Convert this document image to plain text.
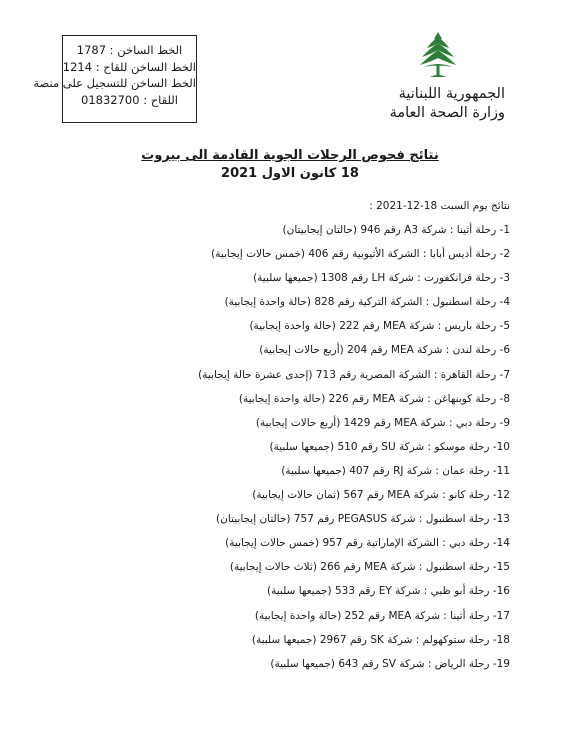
الخط الساخن : 1787
الخط الساخن للقاح : 1214
الخط الساخن للتسجيل على منصة
اللقاح : 01832700	الجمهورية اللبنانية
وزارة الصحة العامة
نتائج فحوص الرحلات الجوية القادمة الى بيروت
18 كانون الاول 2021
نتائج يوم السبت 18-12-2021 :
1- رحلة أثينا : شركة A3 رقم 946 (حالتان إيجابيتان)
2- رحلة أديس أبابا : الشركة الأثيوبية رقم 406 (خمس حالات إيجابية)
3- رحلة فرانكفورت : شركة LH رقم 1308 (جميعها سلبية)
4- رحلة اسطنبول : الشركة التركية رقم 828 (حالة واحدة إيجابية)
5- رحلة باريس : شركة MEA رقم 222 (حالة واحدة إيجابية)
6- رحلة لندن : شركة MEA رقم 204 (أربع حالات إيجابية)
7- رحلة القاهرة : الشركة المصرية رقم 713 (إحدى عشرة حالة إيجابية)
8- رحلة كوبنهاغن : شركة MEA رقم 226 (حالة واحدة إيجابية)
9- رحلة دبي : شركة MEA رقم 1429 (أربع حالات إيجابية)
10- رحلة موسكو : شركة SU رقم 510 (جميعها سلبية)
11- رحلة عمان : شركة RJ رقم 407 (جميعها سلبية)
12- رحلة كانو : شركة MEA رقم 567 (ثمان حالات إيجابية)
13- رحلة اسطنبول : شركة PEGASUS رقم 757 (حالتان إيجابيتان)
14- رحلة دبي : الشركة الإماراتية رقم 957 (خمس حالات إيجابية)
15- رحلة اسطنبول : شركة MEA رقم 266 (ثلاث حالات إيجابية)
16- رحلة أبو ظبي : شركة EY رقم 533 (جميعها سلبية)
17- رحلة أثينا : شركة MEA رقم 252 (حالة واحدة إيجابية)
18- رحلة ستوكهولم : شركة SK رقم 2967 (جميعها سلبية)
19- رحلة الرياض : شركة SV رقم 643 (جميعها سلبية)
